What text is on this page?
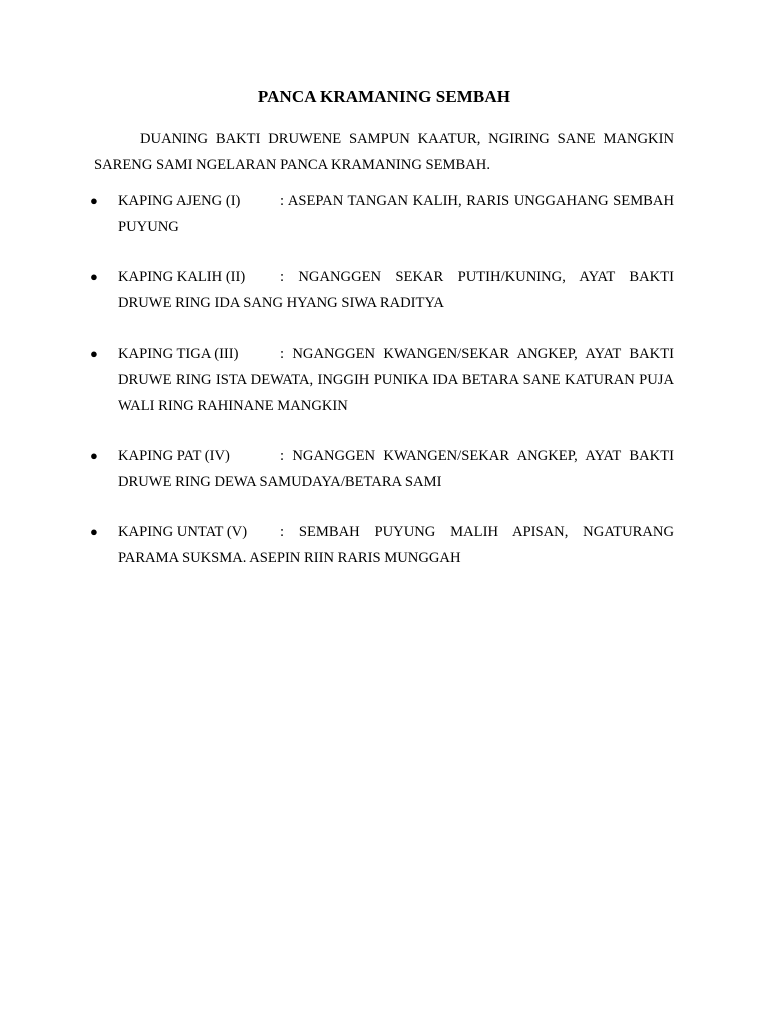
PANCA KRAMANING SEMBAH
DUANING BAKTI DRUWENE SAMPUN KAATUR, NGIRING SANE MANGKIN SARENG SAMI NGELARAN PANCA KRAMANING SEMBAH.
●	KAPING AJENG (I)	: ASEPAN TANGAN KALIH, RARIS UNGGAHANG SEMBAH PUYUNG
●	KAPING KALIH (II) : NGANGGEN SEKAR PUTIH/KUNING, AYAT BAKTI DRUWE RING IDA SANG HYANG SIWA RADITYA
●	KAPING TIGA (III)	: NGANGGEN KWANGEN/SEKAR ANGKEP, AYAT BAKTI DRUWE RING ISTA DEWATA, INGGIH PUNIKA IDA BETARA SANE KATURAN PUJA WALI RING RAHINANE MANGKIN
●	KAPING PAT (IV)	: NGANGGEN KWANGEN/SEKAR ANGKEP, AYAT BAKTI DRUWE RING DEWA SAMUDAYA/BETARA SAMI
●	KAPING UNTAT (V) : SEMBAH PUYUNG MALIH APISAN, NGATURANG PARAMA SUKSMA. ASEPIN RIIN RARIS MUNGGAH
